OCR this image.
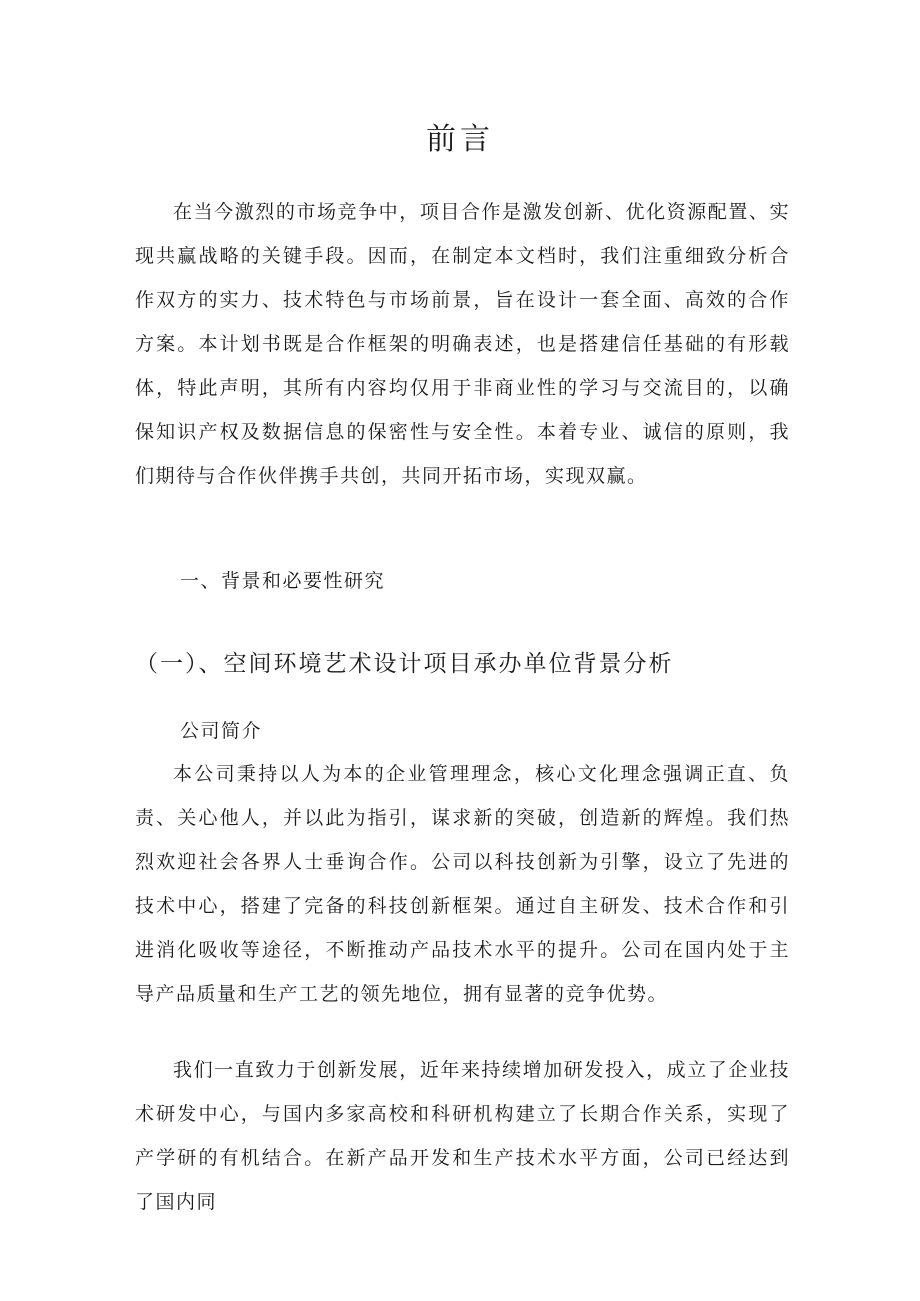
前言

在当今激烈的市场竞争中，项目合作是激发创新、优化资源配置、实现共赢战略的关键手段。因而，在制定本文档时，我们注重细致分析合作双方的实力、技术特色与市场前景，旨在设计一套全面、高效的合作方案。本计划书既是合作框架的明确表述，也是搭建信任基础的有形载体，特此声明，其所有内容均仅用于非商业性的学习与交流目的，以确保知识产权及数据信息的保密性与安全性。本着专业、诚信的原则，我们期待与合作伙伴携手共创，共同开拓市场，实现双赢。

一、背景和必要性研究
（一）、空间环境艺术设计项目承办单位背景分析
公司简介

本公司秉持以人为本的企业管理理念，核心文化理念强调正直、负责、关心他人，并以此为指引，谋求新的突破，创造新的辉煌。我们热烈欢迎社会各界人士垂询合作。公司以科技创新为引擎，设立了先进的技术中心，搭建了完备的科技创新框架。通过自主研发、技术合作和引进消化吸收等途径，不断推动产品技术水平的提升。公司在国内处于主导产品质量和生产工艺的领先地位，拥有显著的竞争优势。

我们一直致力于创新发展，近年来持续增加研发投入，成立了企业技术研发中心，与国内多家高校和科研机构建立了长期合作关系，实现了产学研的有机结合。在新产品开发和生产技术水平方面，公司已经达到了国内同
